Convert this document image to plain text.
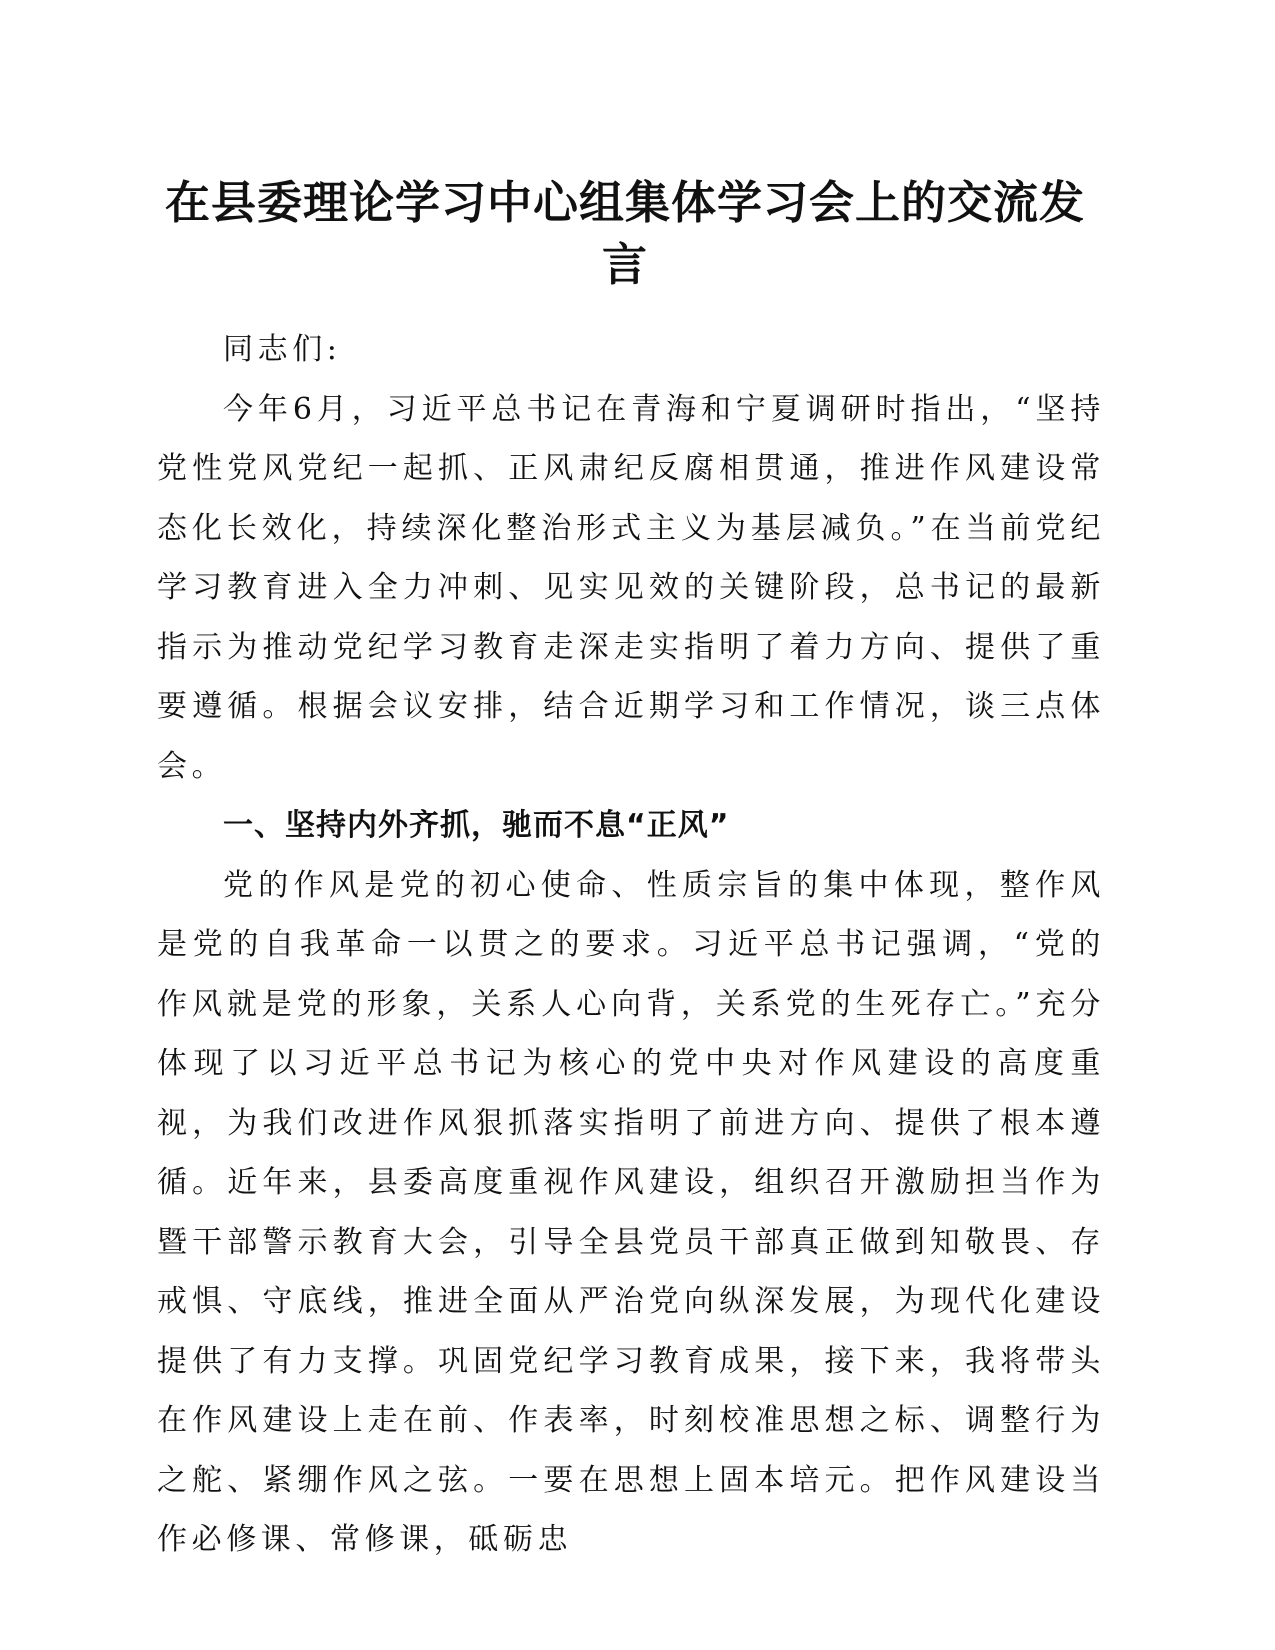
在县委理论学习中心组集体学习会上的交流发言

同志们:

今年6月，习近平总书记在青海和宁夏调研时指出，“坚持党性党风党纪一起抓、正风肃纪反腐相贯通，推进作风建设常态化长效化，持续深化整治形式主义为基层减负。”在当前党纪学习教育进入全力冲刺、见实见效的关键阶段，总书记的最新指示为推动党纪学习教育走深走实指明了着力方向、提供了重要遵循。根据会议安排，结合近期学习和工作情况，谈三点体会。

一、坚持内外齐抓，驰而不息“正风”

党的作风是党的初心使命、性质宗旨的集中体现，整作风是党的自我革命一以贯之的要求。习近平总书记强调，“党的作风就是党的形象，关系人心向背，关系党的生死存亡。”充分体现了以习近平总书记为核心的党中央对作风建设的高度重视，为我们改进作风狠抓落实指明了前进方向、提供了根本遵循。近年来，县委高度重视作风建设，组织召开激励担当作为暨干部警示教育大会，引导全县党员干部真正做到知敬畏、存戒惧、守底线，推进全面从严治党向纵深发展，为现代化建设提供了有力支撑。巩固党纪学习教育成果，接下来，我将带头在作风建设上走在前、作表率，时刻校准思想之标、调整行为之舵、紧绷作风之弦。一要在思想上固本培元。把作风建设当作必修课、常修课，砥砺忠
